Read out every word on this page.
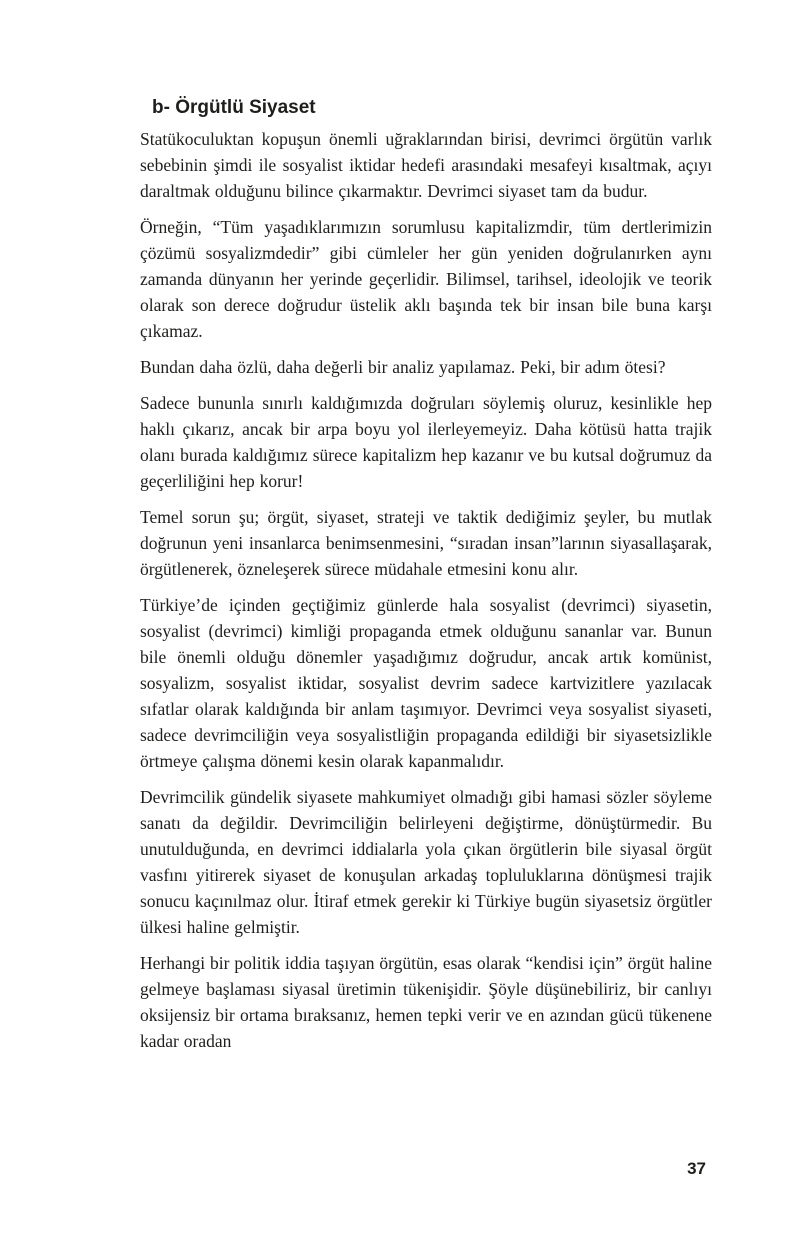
b- Örgütlü Siyaset

Statükoculuktan kopuşun önemli uğraklarından birisi, devrimci örgütün varlık sebebinin şimdi ile sosyalist iktidar hedefi arasındaki mesafeyi kısaltmak, açıyı daraltmak olduğunu bilince çıkarmaktır. Devrimci siyaset tam da budur.

Örneğin, “Tüm yaşadıklarımızın sorumlusu kapitalizmdir, tüm dertlerimizin çözümü sosyalizmdedir” gibi cümleler her gün yeniden doğrulanırken aynı zamanda dünyanın her yerinde geçerlidir. Bilimsel, tarihsel, ideolojik ve teorik olarak son derece doğrudur üstelik aklı başında tek bir insan bile buna karşı çıkamaz.

Bundan daha özlü, daha değerli bir analiz yapılamaz. Peki, bir adım ötesi?

Sadece bununla sınırlı kaldığımızda doğruları söylemiş oluruz, kesinlikle hep haklı çıkarız, ancak bir arpa boyu yol ilerleyemeyiz. Daha kötüsü hatta trajik olanı burada kaldığımız sürece kapitalizm hep kazanır ve bu kutsal doğrumuz da geçerliliğini hep korur!

Temel sorun şu; örgüt, siyaset, strateji ve taktik dediğimiz şeyler, bu mutlak doğrunun yeni insanlarca benimsenmesini, “sıradan insan”larının siyasallaşarak, örgütlenerek, özneleşerek sürece müdahale etmesini konu alır.

Türkiye’de içinden geçtiğimiz günlerde hala sosyalist (devrimci) siyasetin, sosyalist (devrimci) kimliği propaganda etmek olduğunu sananlar var. Bunun bile önemli olduğu dönemler yaşadığımız doğrudur, ancak artık komünist, sosyalizm, sosyalist iktidar, sosyalist devrim sadece kartvizitlere yazılacak sıfatlar olarak kaldığında bir anlam taşımıyor. Devrimci veya sosyalist siyaseti, sadece devrimciliğin veya sosyalistliğin propaganda edildiği bir siyasetsizlikle örtmeye çalışma dönemi kesin olarak kapanmalıdır.

Devrimcilik gündelik siyasete mahkumiyet olmadığı gibi hamasi sözler söyleme sanatı da değildir. Devrimciliğin belirleyeni değiştirme, dönüştürmedir. Bu unutulduğunda, en devrimci iddialarla yola çıkan örgütlerin bile siyasal örgüt vasfını yitirerek siyaset de konuşulan arkadaş topluluklarına dönüşmesi trajik sonucu kaçınılmaz olur. İtiraf etmek gerekir ki Türkiye bugün siyasetsiz örgütler ülkesi haline gelmiştir.

Herhangi bir politik iddia taşıyan örgütün, esas olarak “kendisi için” örgüt haline gelmeye başlaması siyasal üretimin tükenişidir. Şöyle düşünebiliriz, bir canlıyı oksijensiz bir ortama bıraksanız, hemen tepki verir ve en azından gücü tükenene kadar oradan

37
